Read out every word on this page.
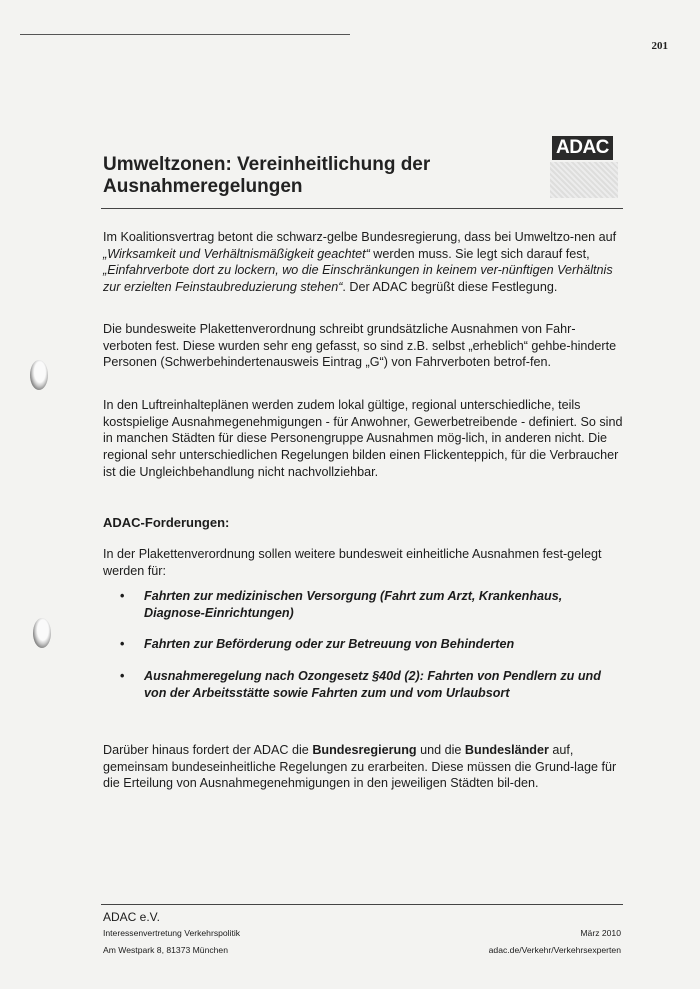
201
ADAC
Umweltzonen: Vereinheitlichung der
Ausnahmeregelungen
Im Koalitionsvertrag betont die schwarz-gelbe Bundesregierung, dass bei Umweltzo-nen auf „Wirksamkeit und Verhältnismäßigkeit geachtet“ werden muss. Sie legt sich darauf fest, „Einfahrverbote dort zu lockern, wo die Einschränkungen in keinem ver-nünftigen Verhältnis zur erzielten Feinstaubreduzierung stehen“. Der ADAC begrüßt diese Festlegung.
Die bundesweite Plakettenverordnung schreibt grundsätzliche Ausnahmen von Fahr-verboten fest. Diese wurden sehr eng gefasst, so sind z.B. selbst „erheblich“ gehbe-hinderte Personen (Schwerbehindertenausweis Eintrag „G“) von Fahrverboten betrof-fen.
In den Luftreinhalteplänen werden zudem lokal gültige, regional unterschiedliche, teils kostspielige Ausnahmegenehmigungen - für Anwohner, Gewerbetreibende - definiert. So sind in manchen Städten für diese Personengruppe Ausnahmen mög-lich, in anderen nicht. Die regional sehr unterschiedlichen Regelungen bilden einen Flickenteppich, für die Verbraucher ist die Ungleichbehandlung nicht nachvollziehbar.
ADAC-Forderungen:
In der Plakettenverordnung sollen weitere bundesweit einheitliche Ausnahmen fest-gelegt werden für:
• Fahrten zur medizinischen Versorgung (Fahrt zum Arzt, Krankenhaus, Diagnose-Einrichtungen)
• Fahrten zur Beförderung oder zur Betreuung von Behinderten
• Ausnahmeregelung nach Ozongesetz §40d (2): Fahrten von Pendlern zu und von der Arbeitsstätte sowie Fahrten zum und vom Urlaubsort
Darüber hinaus fordert der ADAC die Bundesregierung und die Bundesländer auf, gemeinsam bundeseinheitliche Regelungen zu erarbeiten. Diese müssen die Grund-lage für die Erteilung von Ausnahmegenehmigungen in den jeweiligen Städten bil-den.
ADAC e.V.
Interessenvertretung Verkehrspolitik
Am Westpark 8, 81373 München
März 2010
adac.de/Verkehr/Verkehrsexperten
